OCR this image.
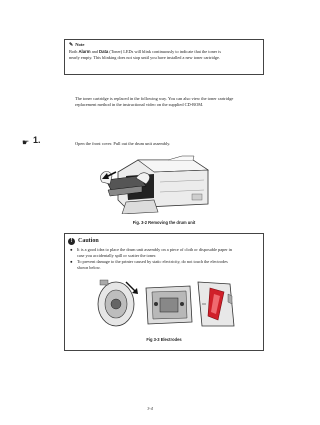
✎ Note
Both Alarm and Data (Toner) LEDs will blink continuously to indicate that the toner is
nearly empty. This blinking does not stop until you have installed a new toner cartridge.
The toner cartridge is replaced in the following way. You can also view the toner cartridge
replacement method in the instructional video on the supplied CD-ROM.
☛ 1.	Open the front cover. Pull out the drum unit assembly.
Fig. 3-2 Removing the drum unit
! Caution
● It is a good idea to place the drum unit assembly on a piece of cloth or disposable paper in
case you accidentally spill or scatter the toner.
● To prevent damage to the printer caused by static electricity, do not touch the electrodes
shown below.
Fig 3-3 Electrodes
3-4
